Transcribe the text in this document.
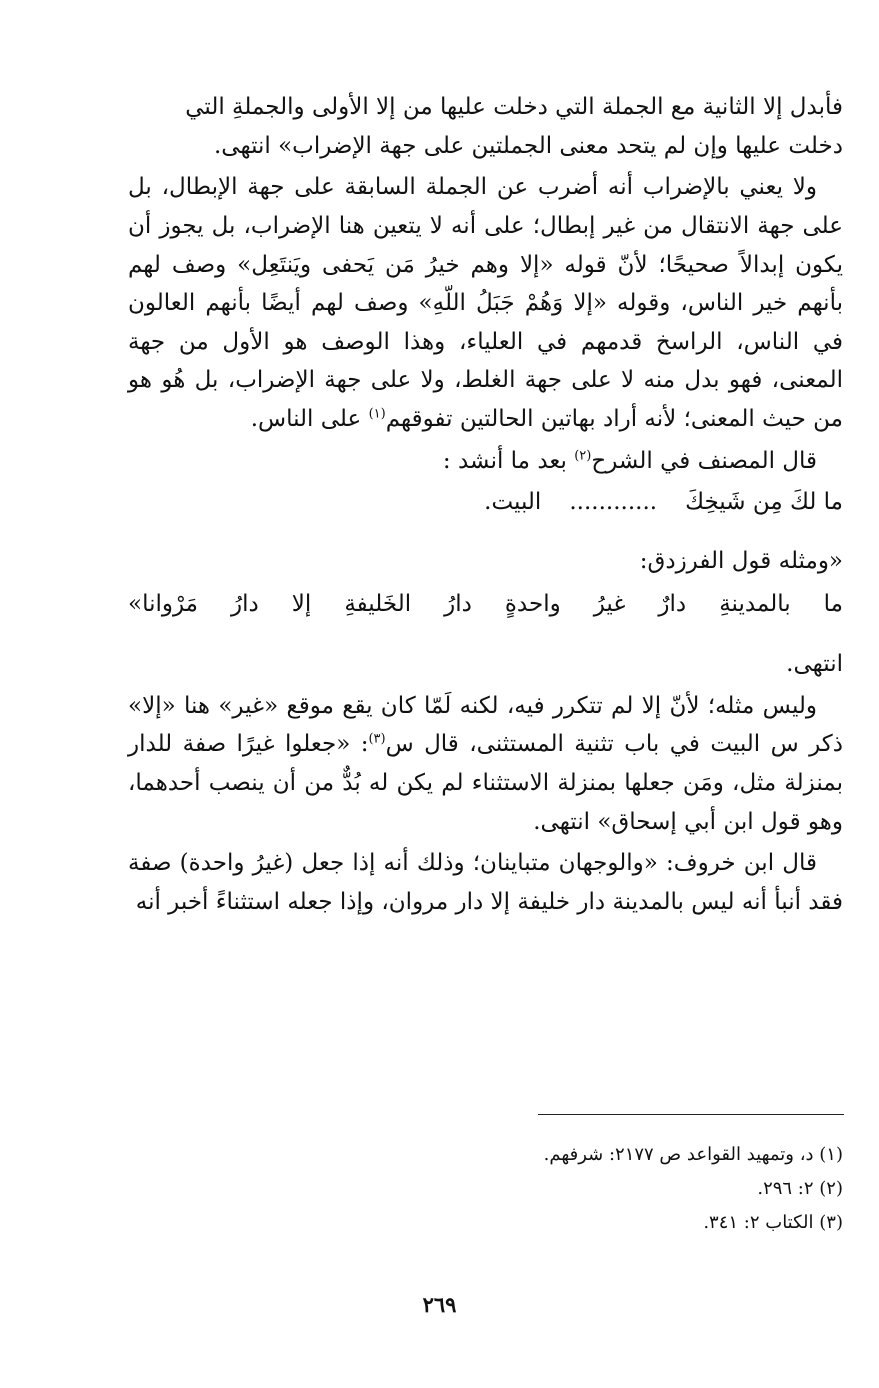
فأبدل إلا الثانية مع الجملة التي دخلت عليها من إلا الأولى والجملةِ التي
دخلت عليها وإن لم يتحد معنى الجملتين على جهة الإضراب» انتهى.

ولا يعني بالإضراب أنه أضرب عن الجملة السابقة على جهة الإبطال، بل على جهة الانتقال من غير إبطال؛ على أنه لا يتعين هنا الإضراب، بل يجوز أن يكون إبدالاً صحيحًا؛ لأنّ قوله «إلا وهم خيرُ مَن يَحفى ويَنتَعِل» وصف لهم بأنهم خير الناس، وقوله «إلا وَهُمْ جَبَلُ اللّهِ» وصف لهم أيضًا بأنهم العالون في الناس، الراسخ قدمهم في العلياء، وهذا الوصف هو الأول من جهة المعنى، فهو بدل منه لا على جهة الغلط، ولا على جهة الإضراب، بل هُو هو من حيث المعنى؛ لأنه أراد بهاتين الحالتين تفوقهم$^{(١)}$ على الناس.

قال المصنف في الشرح$^{(٢)}$ بعد ما أنشد :

ما لكَ مِن شَيخِكَ
............
البيت.

«ومثله قول الفرزدق:

ما
بالمدينةِ
دارٌ
غيرُ
واحدةٍ
دارُ
الخَليفةِ
إلا
دارُ
مَرْوانا»

انتهى.

وليس مثله؛ لأنّ إلا لم تتكرر فيه، لكنه لَمّا كان يقع موقع «غير» هنا «إلا» ذكر س البيت في باب تثنية المستثنى، قال س$^{(٣)}$: «جعلوا غيرًا صفة للدار بمنزلة مثل، ومَن جعلها بمنزلة الاستثناء لم يكن له بُدٌّ من أن ينصب أحدهما، وهو قول ابن أبي إسحاق» انتهى.

قال ابن خروف: «والوجهان متباينان؛ وذلك أنه إذا جعل (غيرُ واحدة) صفة فقد أنبأ أنه ليس بالمدينة دار خليفة إلا دار مروان، وإذا جعله استثناءً أخبر أنه

(١) د، وتمهيد القواعد ص ٢١٧٧: شرفهم.
(٢) ٢: ٢٩٦.
(٣) الكتاب ٢: ٣٤١.
٢٦٩
